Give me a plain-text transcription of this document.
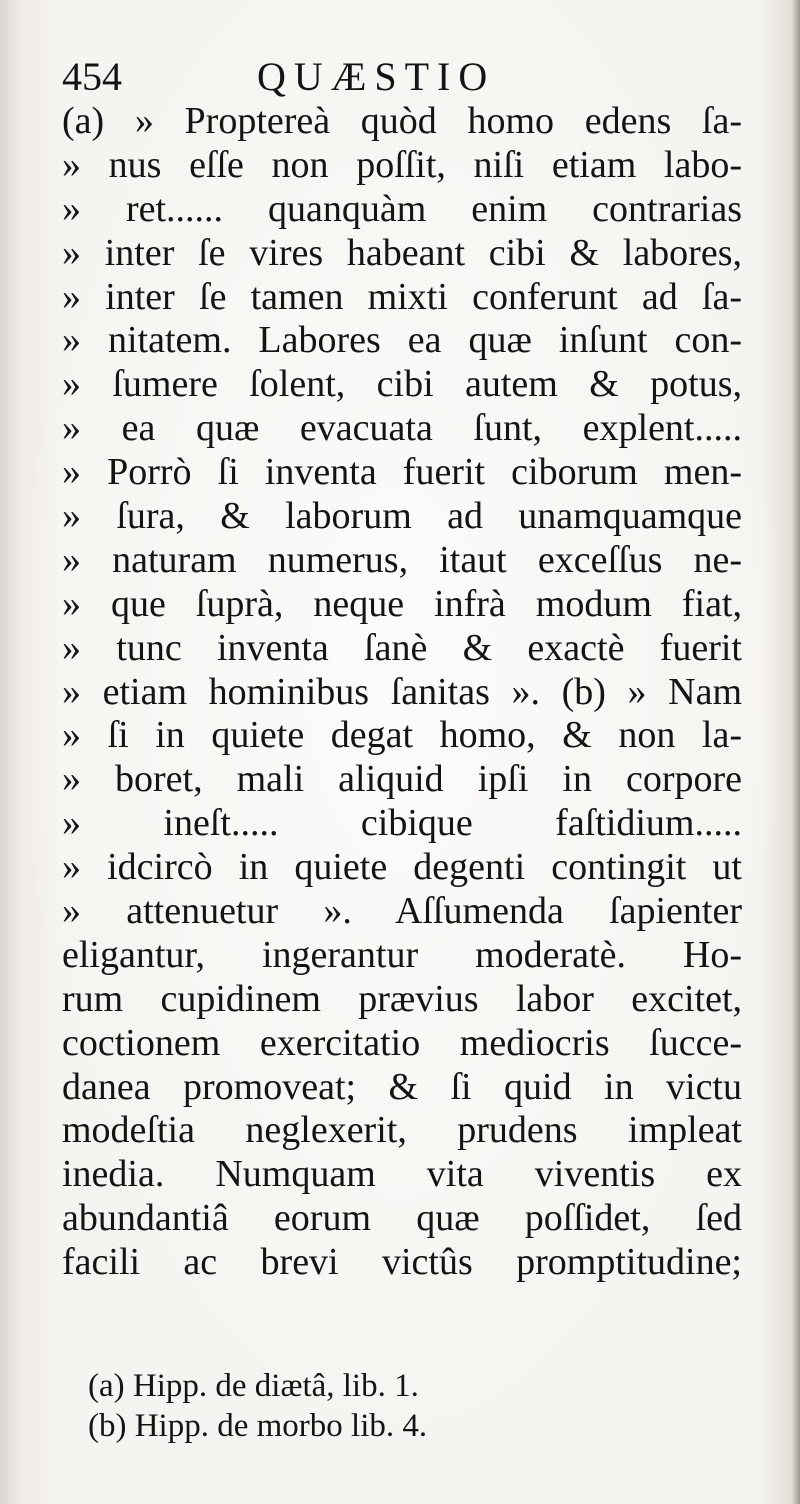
454	QUÆSTIO
(a) » Proptereà quòd homo edens ſa-
» nus eſſe non poſſit, niſi etiam labo-
» ret...... quanquàm enim contrarias
» inter ſe vires habeant cibi & labores,
» inter ſe tamen mixti conferunt ad ſa-
» nitatem. Labores ea quæ inſunt con-
» ſumere ſolent, cibi autem & potus,
» ea quæ evacuata ſunt, explent.....
» Porrò ſi inventa fuerit ciborum men-
» ſura, & laborum ad unamquamque
» naturam numerus, itaut exceſſus ne-
» que ſuprà, neque infrà modum fiat,
» tunc inventa ſanè & exactè fuerit
» etiam hominibus ſanitas ». (b) » Nam
» ſi in quiete degat homo, & non la-
» boret, mali aliquid ipſi in corpore
» ineſt..... cibique faſtidium.....
» idcircò in quiete degenti contingit ut
» attenuetur ». Aſſumenda ſapienter
eligantur, ingerantur moderatè. Ho-
rum cupidinem prævius labor excitet,
coctionem exercitatio mediocris ſucce-
danea promoveat; & ſi quid in victu
modeſtia neglexerit, prudens impleat
inedia. Numquam vita viventis ex
abundantiâ eorum quæ poſſidet, ſed
facili ac brevi victûs promptitudine;
(a) Hipp. de diætâ, lib. 1.
(b) Hipp. de morbo lib. 4.
